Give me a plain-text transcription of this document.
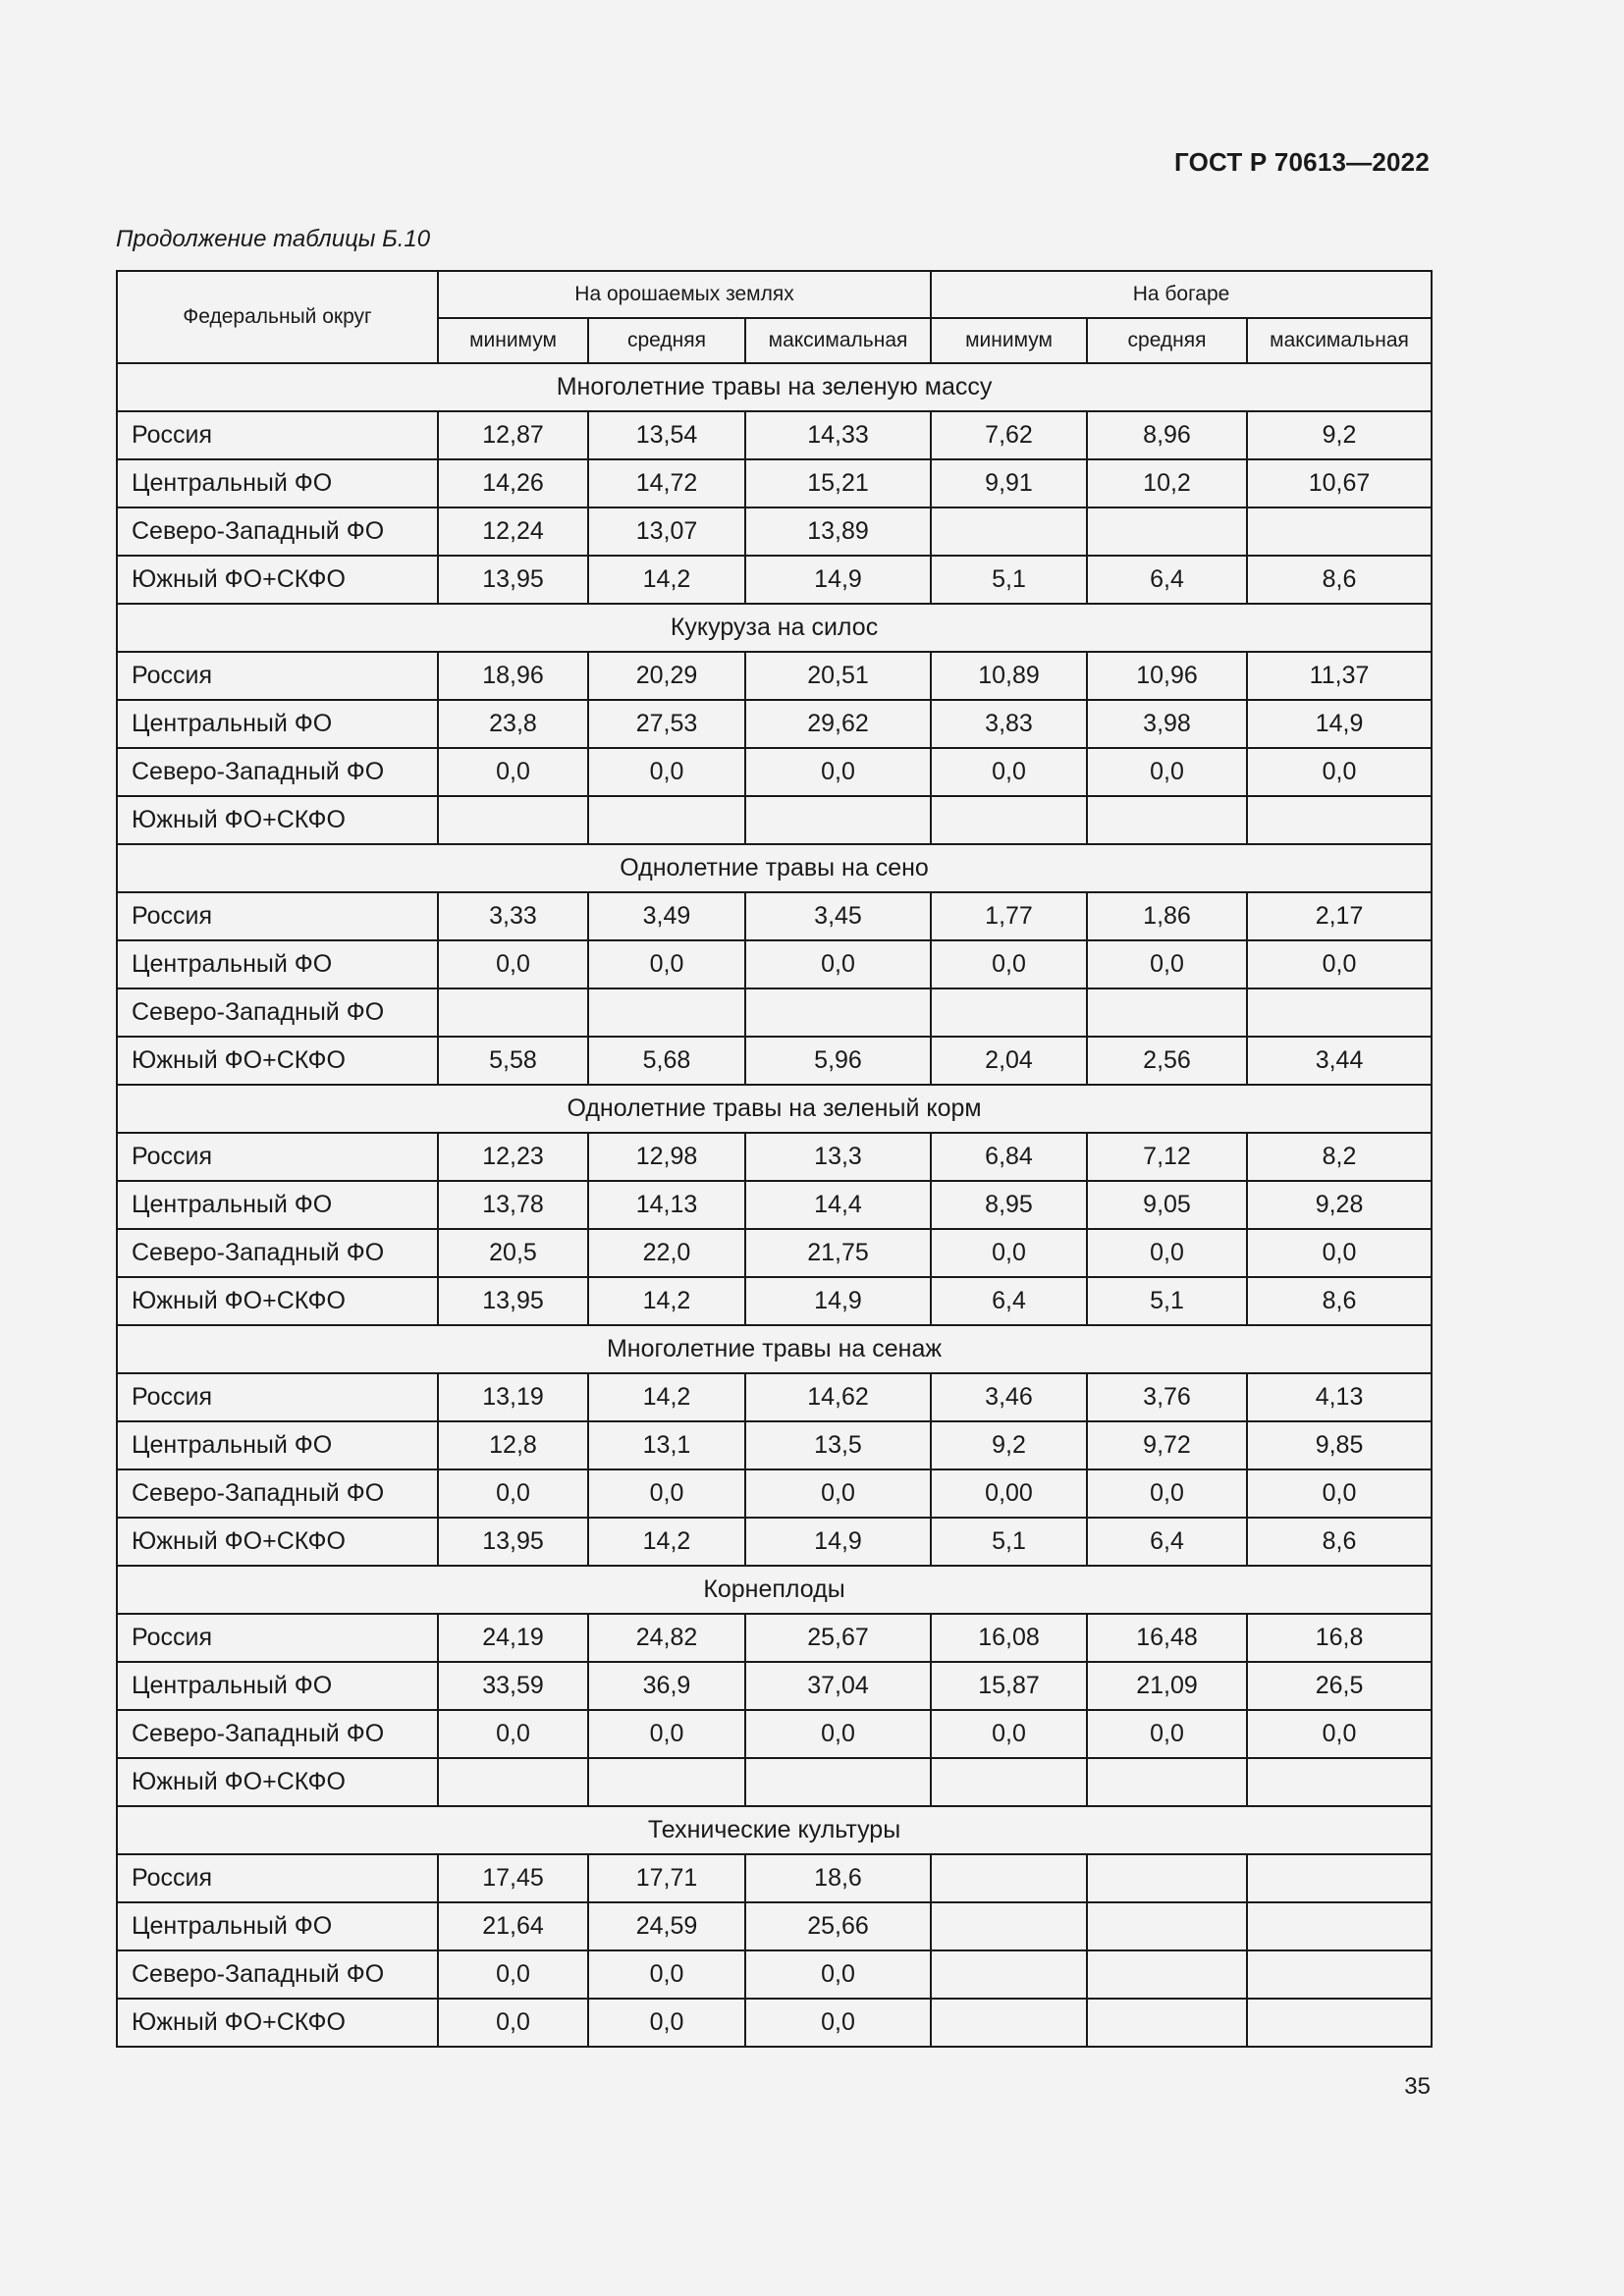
ГОСТ Р 70613—2022
Продолжение таблицы Б.10
Федеральный округ	На орошаемых землях			На богаре		
	минимум	средняя	максимальная	минимум	средняя	максимальная
Многолетние травы на зеленую массу						
Россия	12,87	13,54	14,33	7,62	8,96	9,2
Центральный ФО	14,26	14,72	15,21	9,91	10,2	10,67
Северо-Западный ФО	12,24	13,07	13,89			
Южный ФО+СКФО	13,95	14,2	14,9	5,1	6,4	8,6
Кукуруза на силос						
Россия	18,96	20,29	20,51	10,89	10,96	11,37
Центральный ФО	23,8	27,53	29,62	3,83	3,98	14,9
Северо-Западный ФО	0,0	0,0	0,0	0,0	0,0	0,0
Южный ФО+СКФО						
Однолетние травы на сено						
Россия	3,33	3,49	3,45	1,77	1,86	2,17
Центральный ФО	0,0	0,0	0,0	0,0	0,0	0,0
Северо-Западный ФО						
Южный ФО+СКФО	5,58	5,68	5,96	2,04	2,56	3,44
Однолетние травы на зеленый корм						
Россия	12,23	12,98	13,3	6,84	7,12	8,2
Центральный ФО	13,78	14,13	14,4	8,95	9,05	9,28
Северо-Западный ФО	20,5	22,0	21,75	0,0	0,0	0,0
Южный ФО+СКФО	13,95	14,2	14,9	6,4	5,1	8,6
Многолетние травы на сенаж						
Россия	13,19	14,2	14,62	3,46	3,76	4,13
Центральный ФО	12,8	13,1	13,5	9,2	9,72	9,85
Северо-Западный ФО	0,0	0,0	0,0	0,00	0,0	0,0
Южный ФО+СКФО	13,95	14,2	14,9	5,1	6,4	8,6
Корнеплоды						
Россия	24,19	24,82	25,67	16,08	16,48	16,8
Центральный ФО	33,59	36,9	37,04	15,87	21,09	26,5
Северо-Западный ФО	0,0	0,0	0,0	0,0	0,0	0,0
Южный ФО+СКФО						
Технические культуры						
Россия	17,45	17,71	18,6			
Центральный ФО	21,64	24,59	25,66			
Северо-Западный ФО	0,0	0,0	0,0			
Южный ФО+СКФО	0,0	0,0	0,0			
35
